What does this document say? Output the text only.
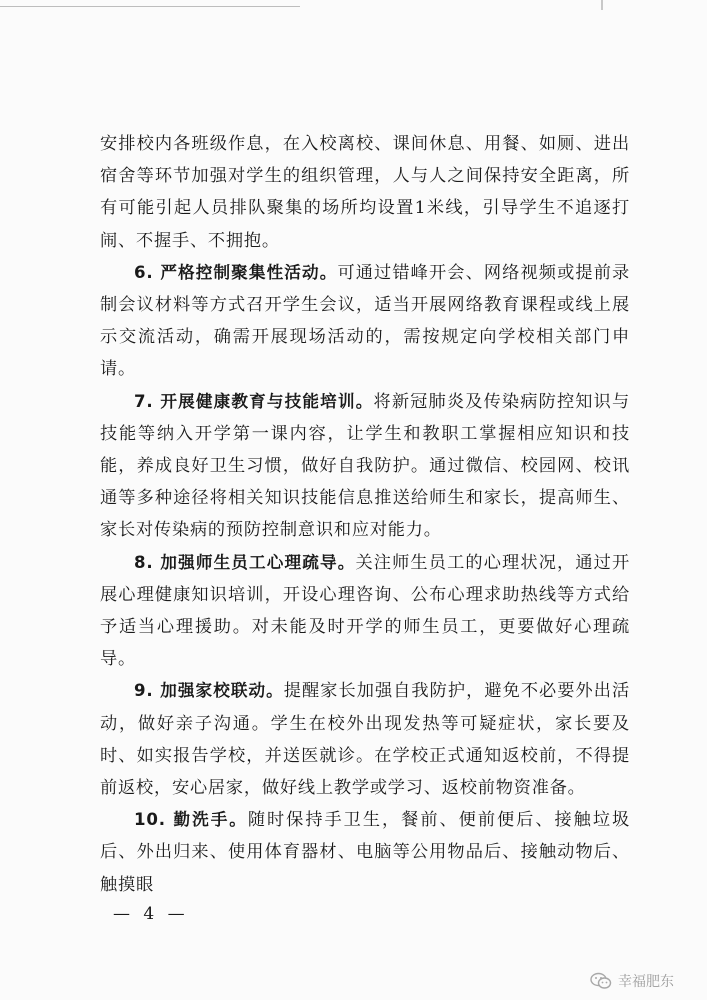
安排校内各班级作息，在入校离校、课间休息、用餐、如厕、进出宿舍等环节加强对学生的组织管理，人与人之间保持安全距离，所有可能引起人员排队聚集的场所均设置1米线，引导学生不追逐打闹、不握手、不拥抱。

6. 严格控制聚集性活动。可通过错峰开会、网络视频或提前录制会议材料等方式召开学生会议，适当开展网络教育课程或线上展示交流活动，确需开展现场活动的，需按规定向学校相关部门申请。

7. 开展健康教育与技能培训。将新冠肺炎及传染病防控知识与技能等纳入开学第一课内容，让学生和教职工掌握相应知识和技能，养成良好卫生习惯，做好自我防护。通过微信、校园网、校讯通等多种途径将相关知识技能信息推送给师生和家长，提高师生、家长对传染病的预防控制意识和应对能力。

8. 加强师生员工心理疏导。关注师生员工的心理状况，通过开展心理健康知识培训，开设心理咨询、公布心理求助热线等方式给予适当心理援助。对未能及时开学的师生员工，更要做好心理疏导。

9. 加强家校联动。提醒家长加强自我防护，避免不必要外出活动，做好亲子沟通。学生在校外出现发热等可疑症状，家长要及时、如实报告学校，并送医就诊。在学校正式通知返校前，不得提前返校，安心居家，做好线上教学或学习、返校前物资准备。

10. 勤洗手。随时保持手卫生，餐前、便前便后、接触垃圾后、外出归来、使用体育器材、电脑等公用物品后、接触动物后、触摸眼

— 4 —
幸福肥东
